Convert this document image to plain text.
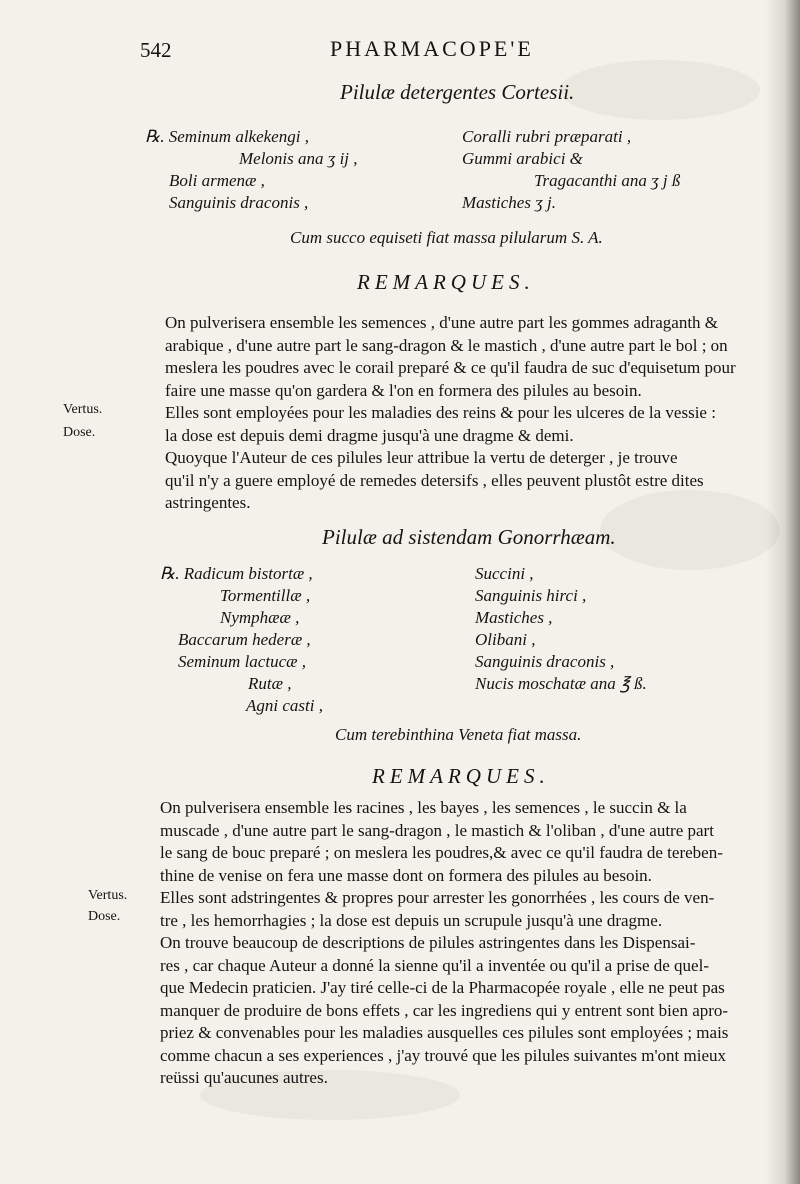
542	PHARMACOPE'E
Pilulæ detergentes Cortesii.
℞. Seminum alkekengi ,
Melonis ana ʒ ij ,
Boli armenæ ,
Sanguinis draconis ,
Coralli rubri præparati ,
Gummi arabici &
Tragacanthi ana ʒ j ß
Mastiches ʒ j.
Cum succo equiseti fiat massa pilularum S. A.
REMARQUES.
On pulverisera ensemble les semences , d'une autre part les gommes adraganth &
arabique , d'une autre part le sang-dragon & le mastich , d'une autre part le bol ; on
meslera les poudres avec le corail preparé & ce qu'il faudra de suc d'equisetum pour
faire une masse qu'on gardera & l'on en formera des pilules au besoin.
Elles sont employées pour les maladies des reins & pour les ulceres de la vessie :
la dose est depuis demi dragme jusqu'à une dragme & demi.
Quoyque l'Auteur de ces pilules leur attribue la vertu de deterger , je trouve
qu'il n'y a guere employé de remedes detersifs , elles peuvent plustôt estre dites
astringentes.
Vertus.
Dose.
Pilulæ ad sistendam Gonorrhæam.
℞. Radicum bistortæ ,
Tormentillæ ,
Nymphææ ,
Baccarum hederæ ,
Seminum lactucæ ,
Rutæ ,
Agni casti ,
Succini ,
Sanguinis hirci ,
Mastiches ,
Olibani ,
Sanguinis draconis ,
Nucis moschatæ ana ℥ ß.
Cum terebinthina Veneta fiat massa.
REMARQUES.
On pulverisera ensemble les racines , les bayes , les semences , le succin & la
muscade , d'une autre part le sang-dragon , le mastich & l'oliban , d'une autre part
le sang de bouc preparé ; on meslera les poudres,& avec ce qu'il faudra de tereben-
thine de venise on fera une masse dont on formera des pilules au besoin.
Elles sont adstringentes & propres pour arrester les gonorrhées , les cours de ven-
tre , les hemorrhagies ; la dose est depuis un scrupule jusqu'à une dragme.
On trouve beaucoup de descriptions de pilules astringentes dans les Dispensai-
res , car chaque Auteur a donné la sienne qu'il a inventée ou qu'il a prise de quel-
que Medecin praticien. J'ay tiré celle-ci de la Pharmacopée royale , elle ne peut pas
manquer de produire de bons effets , car les ingrediens qui y entrent sont bien apro-
priez & convenables pour les maladies ausquelles ces pilules sont employées ; mais
comme chacun a ses experiences , j'ay trouvé que les pilules suivantes m'ont mieux
reüssi qu'aucunes autres.
Vertus.
Dose.
